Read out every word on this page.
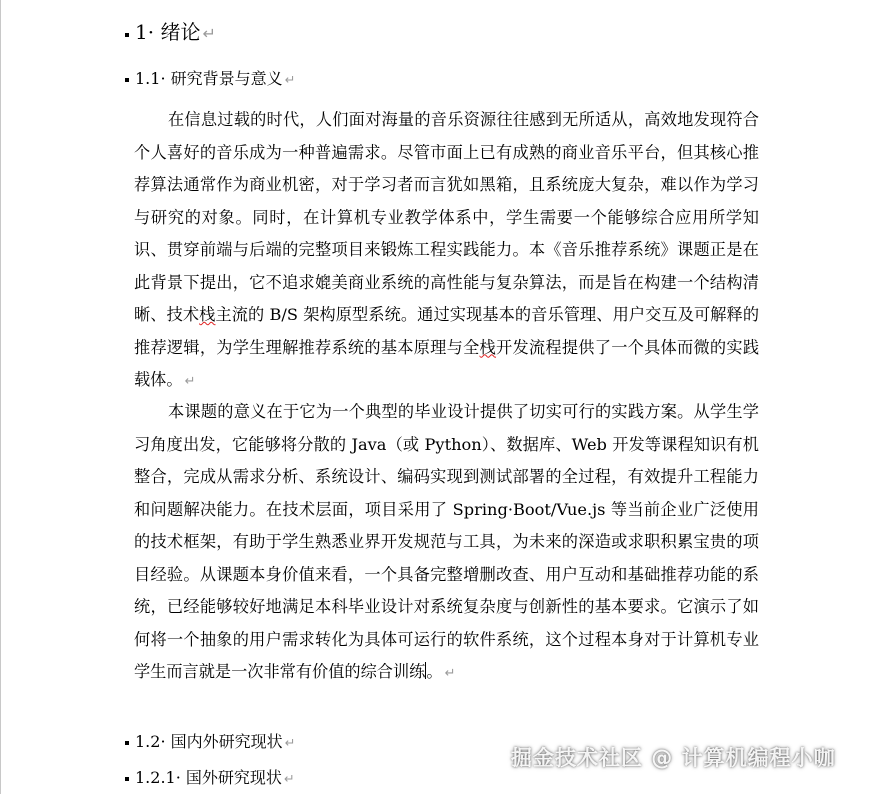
1· 绪论 ↵
1.1· 研究背景与意义 ↵

在信息过载的时代，人们面对海量的音乐资源往往感到无所适从，高效地发现符合个人喜好的音乐成为一种普遍需求。尽管市面上已有成熟的商业音乐平台，但其核心推荐算法通常作为商业机密，对于学习者而言犹如黑箱，且系统庞大复杂，难以作为学习与研究的对象。同时，在计算机专业教学体系中，学生需要一个能够综合应用所学知识、贯穿前端与后端的完整项目来锻炼工程实践能力。本《音乐推荐系统》课题正是在此背景下提出，它不追求媲美商业系统的高性能与复杂算法，而是旨在构建一个结构清晰、技术栈主流的 B/S 架构原型系统。通过实现基本的音乐管理、用户交互及可解释的推荐逻辑，为学生理解推荐系统的基本原理与全栈开发流程提供了一个具体而微的实践载体。 ↵

本课题的意义在于它为一个典型的毕业设计提供了切实可行的实践方案。从学生学习角度出发，它能够将分散的 Java（或 Python）、数据库、Web 开发等课程知识有机整合，完成从需求分析、系统设计、编码实现到测试部署的全过程，有效提升工程能力和问题解决能力。在技术层面，项目采用了 Spring·Boot/Vue.js 等当前企业广泛使用的技术框架，有助于学生熟悉业界开发规范与工具，为未来的深造或求职积累宝贵的项目经验。从课题本身价值来看，一个具备完整增删改查、用户互动和基础推荐功能的系统，已经能够较好地满足本科毕业设计对系统复杂度与创新性的基本要求。它演示了如何将一个抽象的用户需求转化为具体可运行的软件系统，这个过程本身对于计算机专业学生而言就是一次非常有价值的综合训练。 ↵

1.2· 国内外研究现状 ↵
1.2.1· 国外研究现状 ↵
掘金技术社区 @ 计算机编程小咖
